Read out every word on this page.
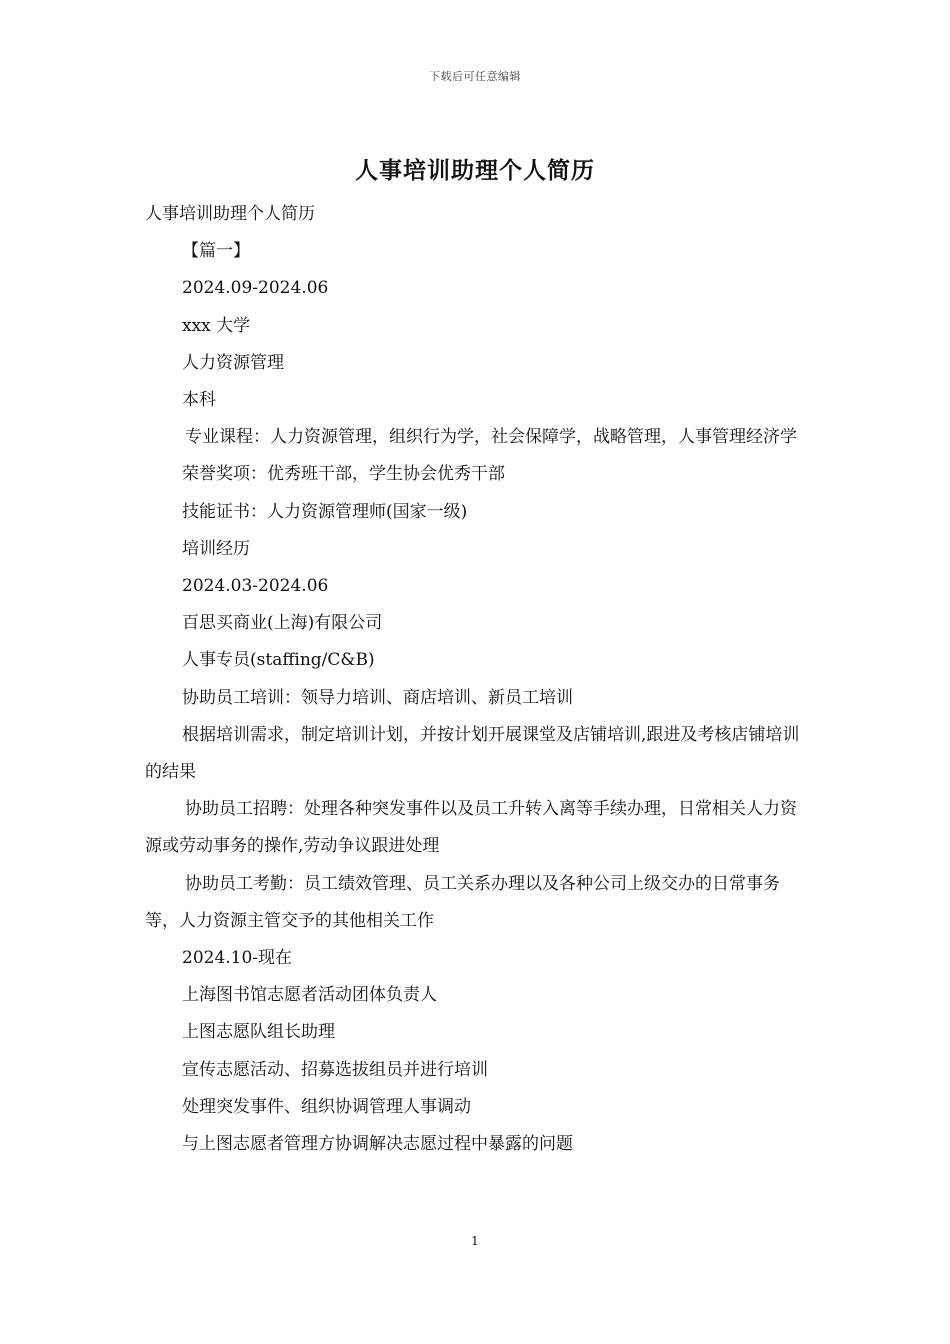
下载后可任意编辑
人事培训助理个人简历

人事培训助理个人简历

【篇一】

2024.09-2024.06

xxx 大学

人力资源管理

本科

专业课程：人力资源管理，组织行为学，社会保障学，战略管理，人事管理经济学

荣誉奖项：优秀班干部，学生协会优秀干部

技能证书：人力资源管理师(国家一级)

培训经历

2024.03-2024.06

百思买商业(上海)有限公司

人事专员(staffing/C&B)

协助员工培训：领导力培训、商店培训、新员工培训

根据培训需求，制定培训计划，并按计划开展课堂及店铺培训,跟进及考核店铺培训的结果

协助员工招聘：处理各种突发事件以及员工升转入离等手续办理，日常相关人力资源或劳动事务的操作,劳动争议跟进处理

协助员工考勤：员工绩效管理、员工关系办理以及各种公司上级交办的日常事务等，人力资源主管交予的其他相关工作

2024.10-现在

上海图书馆志愿者活动团体负责人

上图志愿队组长助理

宣传志愿活动、招募选拔组员并进行培训

处理突发事件、组织协调管理人事调动

与上图志愿者管理方协调解决志愿过程中暴露的问题

1
